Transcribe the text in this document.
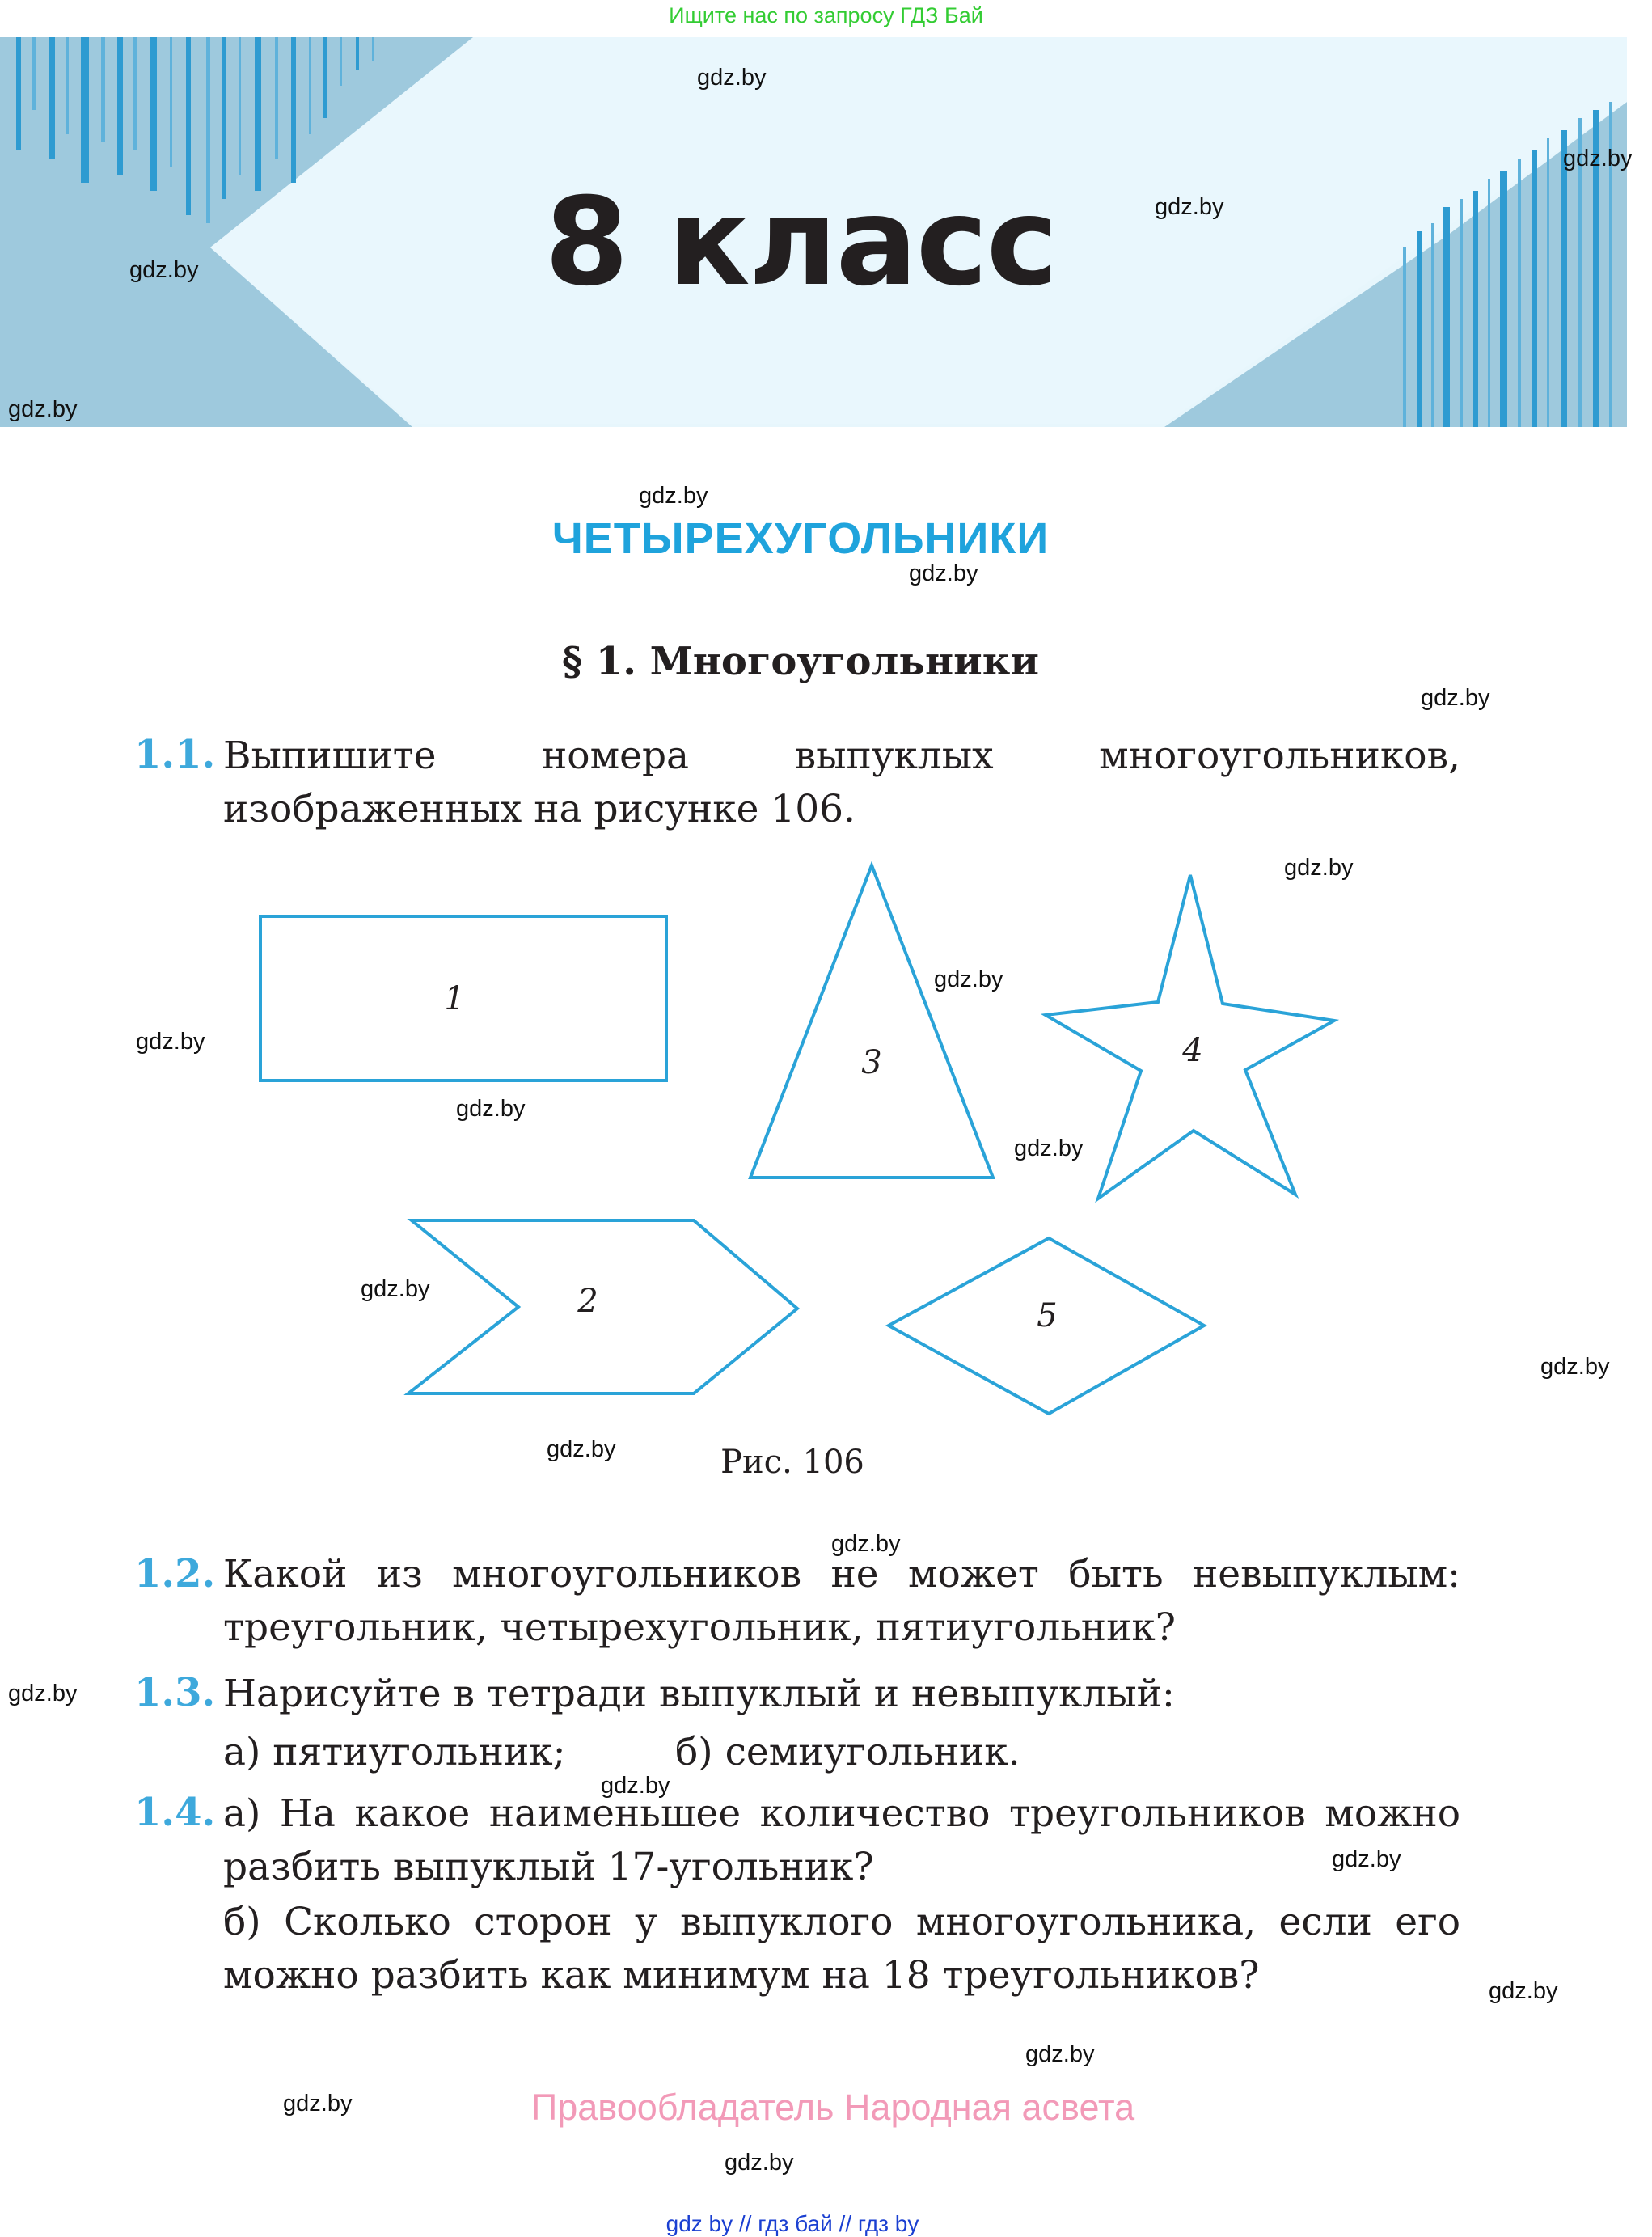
Ищите нас по запросу ГДЗ Бай
8 класс
ЧЕТЫРЕХУГОЛЬНИКИ
§ 1. Многоугольники
1.1. Выпишите номера выпуклых многоугольников, изображенных на рисунке 106.
1
3	4
2	5
Рис. 106
1.2. Какой из многоугольников не может быть невыпуклым: треугольник, четырехугольник, пятиугольник?
1.3. Нарисуйте в тетради выпуклый и невыпуклый:
а) пятиугольник;	б) семиугольник.
1.4. а) На какое наименьшее количество треугольников можно разбить выпуклый 17-угольник?
б) Сколько сторон у выпуклого многоугольника, если его можно разбить как минимум на 18 треугольников?
Правообладатель Народная асвета
gdz by // гдз бай // гдз by
gdz.by
gdz.by
gdz.by
gdz.by
gdz.by
gdz.by
gdz.by
gdz.by
gdz.by
gdz.by
gdz.by
gdz.by
gdz.by
gdz.by
gdz.by
gdz.by
gdz.by
gdz.by
gdz.by
gdz.by
gdz.by
gdz.by
gdz.by
gdz.by
